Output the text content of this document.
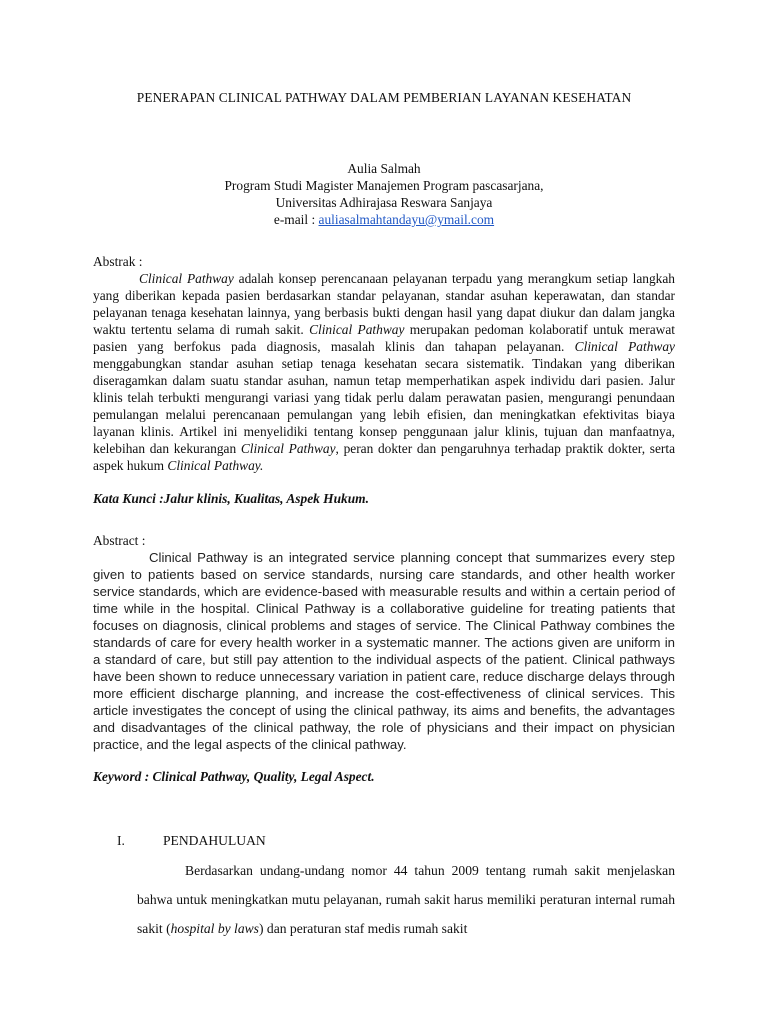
PENERAPAN CLINICAL PATHWAY DALAM PEMBERIAN LAYANAN KESEHATAN
Aulia Salmah
Program Studi Magister Manajemen Program pascasarjana,
Universitas Adhirajasa Reswara Sanjaya
e-mail : auliasalmahtandayu@ymail.com
Abstrak :
Clinical Pathway adalah konsep perencanaan pelayanan terpadu yang merangkum setiap langkah yang diberikan kepada pasien berdasarkan standar pelayanan, standar asuhan keperawatan, dan standar pelayanan tenaga kesehatan lainnya, yang berbasis bukti dengan hasil yang dapat diukur dan dalam jangka waktu tertentu selama di rumah sakit. Clinical Pathway merupakan pedoman kolaboratif untuk merawat pasien yang berfokus pada diagnosis, masalah klinis dan tahapan pelayanan. Clinical Pathway menggabungkan standar asuhan setiap tenaga kesehatan secara sistematik. Tindakan yang diberikan diseragamkan dalam suatu standar asuhan, namun tetap memperhatikan aspek individu dari pasien. Jalur klinis telah terbukti mengurangi variasi yang tidak perlu dalam perawatan pasien, mengurangi penundaan pemulangan melalui perencanaan pemulangan yang lebih efisien, dan meningkatkan efektivitas biaya layanan klinis. Artikel ini menyelidiki tentang konsep penggunaan jalur klinis, tujuan dan manfaatnya, kelebihan dan kekurangan Clinical Pathway, peran dokter dan pengaruhnya terhadap praktik dokter, serta aspek hukum Clinical Pathway.
Kata Kunci :Jalur klinis, Kualitas, Aspek Hukum.
Abstract :
Clinical Pathway is an integrated service planning concept that summarizes every step given to patients based on service standards, nursing care standards, and other health worker service standards, which are evidence-based with measurable results and within a certain period of time while in the hospital. Clinical Pathway is a collaborative guideline for treating patients that focuses on diagnosis, clinical problems and stages of service. The Clinical Pathway combines the standards of care for every health worker in a systematic manner. The actions given are uniform in a standard of care, but still pay attention to the individual aspects of the patient. Clinical pathways have been shown to reduce unnecessary variation in patient care, reduce discharge delays through more efficient discharge planning, and increase the cost-effectiveness of clinical services. This article investigates the concept of using the clinical pathway, its aims and benefits, the advantages and disadvantages of the clinical pathway, the role of physicians and their impact on physician practice, and the legal aspects of the clinical pathway.
Keyword : Clinical Pathway, Quality, Legal Aspect.
I.	PENDAHULUAN
Berdasarkan undang-undang nomor 44 tahun 2009 tentang rumah sakit menjelaskan bahwa untuk meningkatkan mutu pelayanan, rumah sakit harus memiliki peraturan internal rumah sakit (hospital by laws) dan peraturan staf medis rumah sakit
